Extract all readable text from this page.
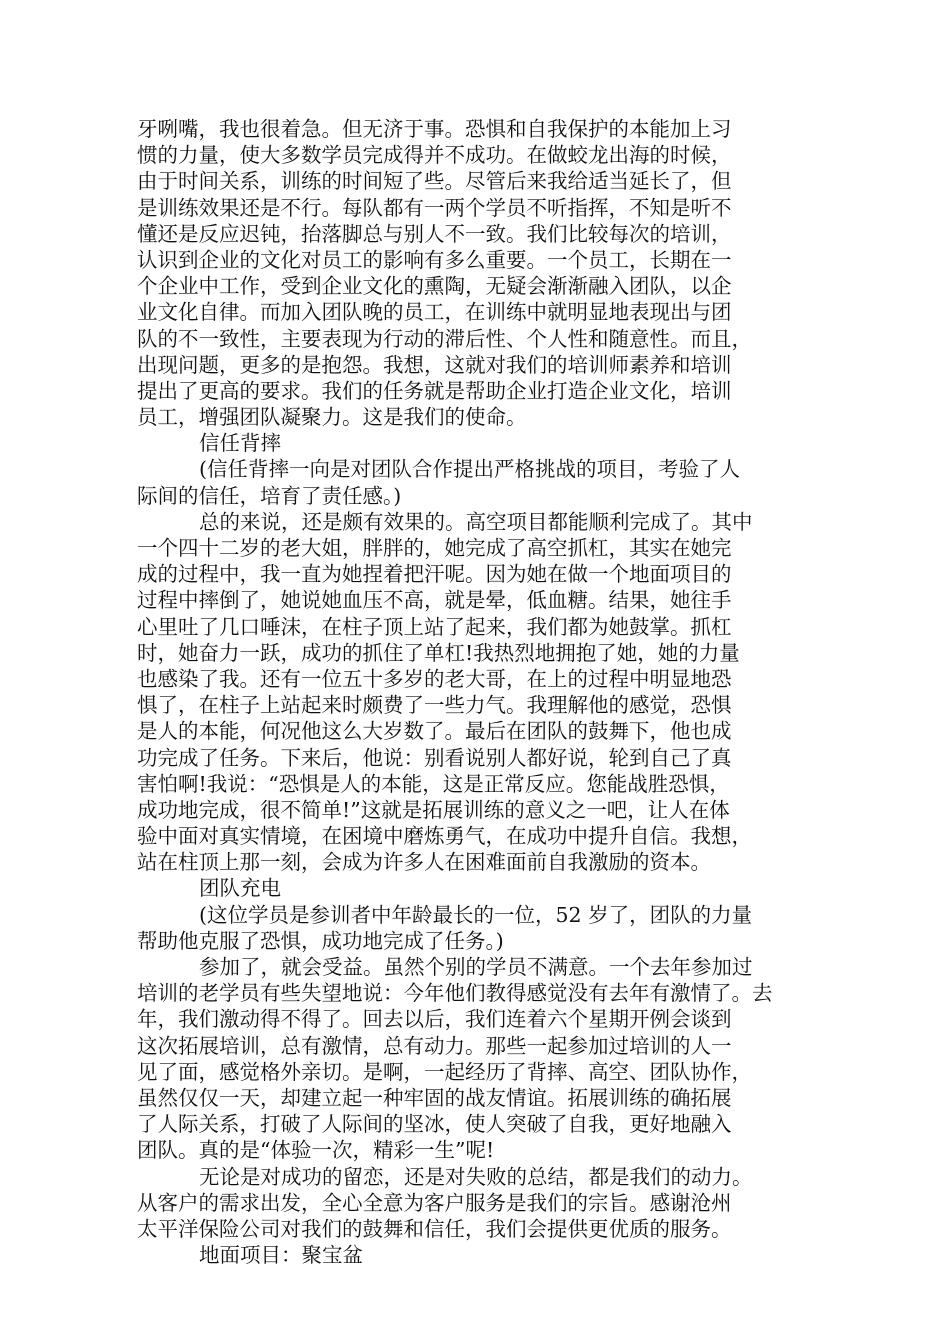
牙咧嘴，我也很着急。但无济于事。恐惧和自我保护的本能加上习
惯的力量，使大多数学员完成得并不成功。在做蛟龙出海的时候，
由于时间关系，训练的时间短了些。尽管后来我给适当延长了，但
是训练效果还是不行。每队都有一两个学员不听指挥，不知是听不
懂还是反应迟钝，抬落脚总与别人不一致。我们比较每次的培训，
认识到企业的文化对员工的影响有多么重要。一个员工，长期在一
个企业中工作，受到企业文化的熏陶，无疑会渐渐融入团队，以企
业文化自律。而加入团队晚的员工，在训练中就明显地表现出与团
队的不一致性，主要表现为行动的滞后性、个人性和随意性。而且，
出现问题，更多的是抱怨。我想，这就对我们的培训师素养和培训
提出了更高的要求。我们的任务就是帮助企业打造企业文化，培训
员工，增强团队凝聚力。这是我们的使命。
信任背摔
(信任背摔一向是对团队合作提出严格挑战的项目，考验了人
际间的信任，培育了责任感。)
总的来说，还是颇有效果的。高空项目都能顺利完成了。其中
一个四十二岁的老大姐，胖胖的，她完成了高空抓杠，其实在她完
成的过程中，我一直为她捏着把汗呢。因为她在做一个地面项目的
过程中摔倒了，她说她血压不高，就是晕，低血糖。结果，她往手
心里吐了几口唾沫，在柱子顶上站了起来，我们都为她鼓掌。抓杠
时，她奋力一跃，成功的抓住了单杠!我热烈地拥抱了她，她的力量
也感染了我。还有一位五十多岁的老大哥，在上的过程中明显地恐
惧了，在柱子上站起来时颇费了一些力气。我理解他的感觉，恐惧
是人的本能，何况他这么大岁数了。最后在团队的鼓舞下，他也成
功完成了任务。下来后，他说：别看说别人都好说，轮到自己了真
害怕啊!我说：“恐惧是人的本能，这是正常反应。您能战胜恐惧，
成功地完成，很不简单!”这就是拓展训练的意义之一吧，让人在体
验中面对真实情境，在困境中磨炼勇气，在成功中提升自信。我想，
站在柱顶上那一刻，会成为许多人在困难面前自我激励的资本。
团队充电
(这位学员是参训者中年龄最长的一位，52 岁了，团队的力量
帮助他克服了恐惧，成功地完成了任务。)
参加了，就会受益。虽然个别的学员不满意。一个去年参加过
培训的老学员有些失望地说：今年他们教得感觉没有去年有激情了。去
年，我们激动得不得了。回去以后，我们连着六个星期开例会谈到
这次拓展培训，总有激情，总有动力。那些一起参加过培训的人一
见了面，感觉格外亲切。是啊，一起经历了背摔、高空、团队协作，
虽然仅仅一天，却建立起一种牢固的战友情谊。拓展训练的确拓展
了人际关系，打破了人际间的坚冰，使人突破了自我，更好地融入
团队。真的是“体验一次，精彩一生”呢!
无论是对成功的留恋，还是对失败的总结，都是我们的动力。
从客户的需求出发，全心全意为客户服务是我们的宗旨。感谢沧州
太平洋保险公司对我们的鼓舞和信任，我们会提供更优质的服务。
地面项目：聚宝盆
